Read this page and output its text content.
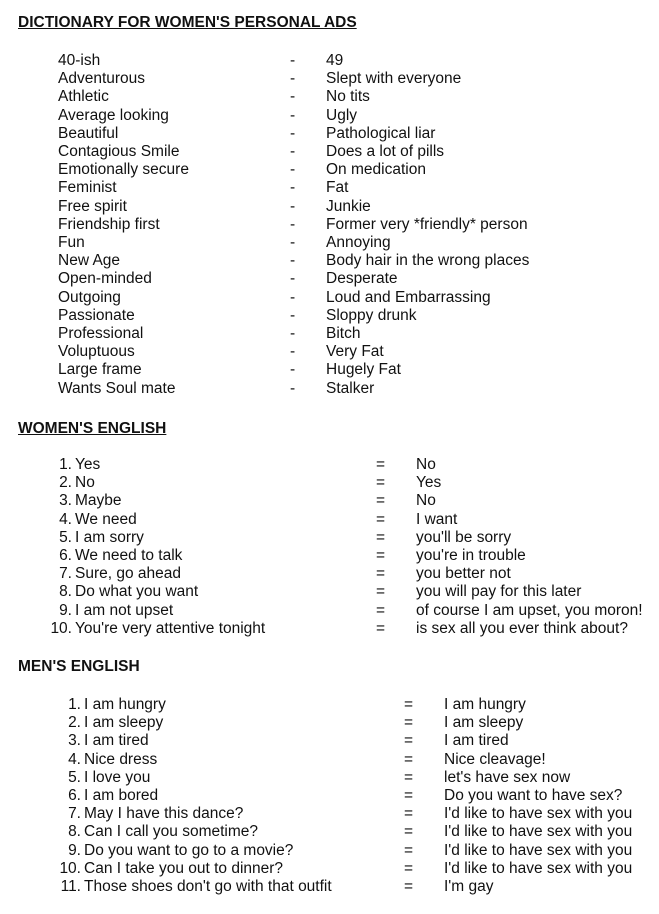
DICTIONARY FOR WOMEN'S PERSONAL ADS
40-ish	- 49
Adventurous	- Slept with everyone
Athletic	- No tits
Average looking	- Ugly
Beautiful	- Pathological liar
Contagious Smile	- Does a lot of pills
Emotionally secure	- On medication
Feminist	- Fat
Free spirit	- Junkie
Friendship first	- Former very *friendly* person
Fun	- Annoying
New Age	- Body hair in the wrong places
Open-minded	- Desperate
Outgoing	- Loud and Embarrassing
Passionate	- Sloppy drunk
Professional	- Bitch
Voluptuous	- Very Fat
Large frame	- Hugely Fat
Wants Soul mate	- Stalker
WOMEN'S ENGLISH
1. Yes	= No
2. No	= Yes
3. Maybe	= No
4. We need	= I want
5. I am sorry	= you'll be sorry
6. We need to talk	= you're in trouble
7. Sure, go ahead	= you better not
8. Do what you want	= you will pay for this later
9. I am not upset	= of course I am upset, you moron!
10. You're very attentive tonight	= is sex all you ever think about?
MEN'S ENGLISH
1. I am hungry	= I am hungry
2. I am sleepy	= I am sleepy
3. I am tired	= I am tired
4. Nice dress	= Nice cleavage!
5. I love you	= let's have sex now
6. I am bored	= Do you want to have sex?
7. May I have this dance?	= I'd like to have sex with you
8. Can I call you sometime?	= I'd like to have sex with you
9. Do you want to go to a movie?	= I'd like to have sex with you
10. Can I take you out to dinner?	= I'd like to have sex with you
11. Those shoes don't go with that outfit	= I'm gay
